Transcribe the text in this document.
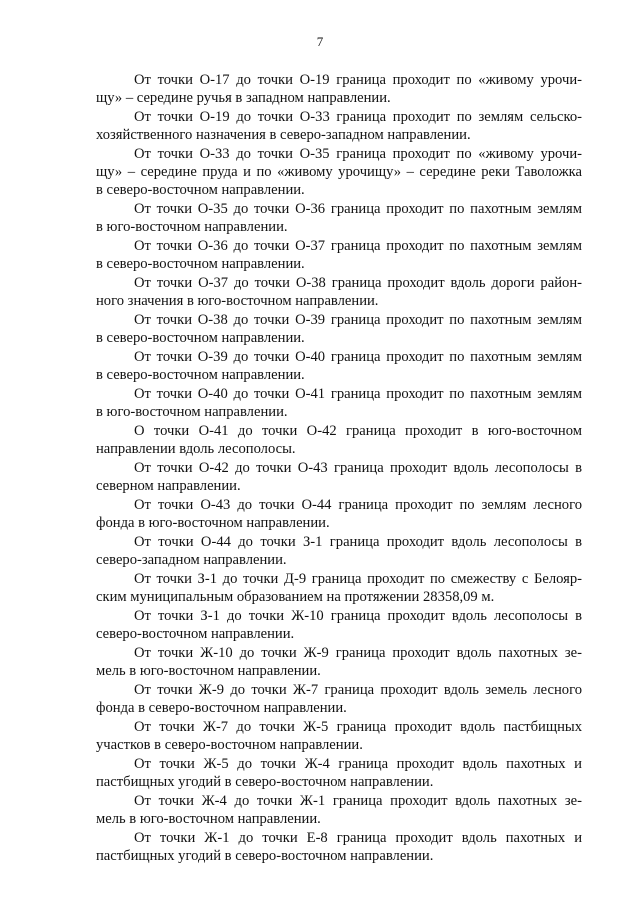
7

От точки О-17 до точки О-19 граница проходит по «живому урочи-
щу» – середине ручья в западном направлении.

От точки О-19 до точки О-33 граница проходит по землям сельско-
хозяйственного назначения в северо-западном направлении.

От точки О-33 до точки О-35 граница проходит по «живому урочи-
щу» – середине пруда и по «живому урочищу» – середине реки Таволожка
в северо-восточном направлении.

От точки О-35 до точки О-36 граница проходит по пахотным землям
в юго-восточном направлении.

От точки О-36 до точки О-37 граница проходит по пахотным землям
в северо-восточном направлении.

От точки О-37 до точки О-38 граница проходит вдоль дороги район-
ного значения в юго-восточном направлении.

От точки О-38 до точки О-39 граница проходит по пахотным землям
в северо-восточном направлении.

От точки О-39 до точки О-40 граница проходит по пахотным землям
в северо-восточном направлении.

От точки О-40 до точки О-41 граница проходит по пахотным землям
в юго-восточном направлении.

О точки О-41 до точки О-42 граница проходит в юго-восточном
направлении вдоль лесополосы.

От точки О-42 до точки О-43 граница проходит вдоль лесополосы в
северном направлении.

От точки О-43 до точки О-44 граница проходит по землям лесного
фонда в юго-восточном направлении.

От точки О-44 до точки З-1 граница проходит вдоль лесополосы в
северо-западном направлении.

От точки З-1 до точки Д-9 граница проходит по смежеству с Белояр-
ским муниципальным образованием на протяжении 28358,09 м.

От точки З-1 до точки Ж-10 граница проходит вдоль лесополосы в
северо-восточном направлении.

От точки Ж-10 до точки Ж-9 граница проходит вдоль пахотных зе-
мель в юго-восточном направлении.

От точки Ж-9 до точки Ж-7 граница проходит вдоль земель лесного
фонда в северо-восточном направлении.

От точки Ж-7 до точки Ж-5 граница проходит вдоль пастбищных
участков в северо-восточном направлении.

От точки Ж-5 до точки Ж-4 граница проходит вдоль пахотных и
пастбищных угодий в северо-восточном направлении.

От точки Ж-4 до точки Ж-1 граница проходит вдоль пахотных зе-
мель в юго-восточном направлении.

От точки Ж-1 до точки Е-8 граница проходит вдоль пахотных и
пастбищных угодий в северо-восточном направлении.
